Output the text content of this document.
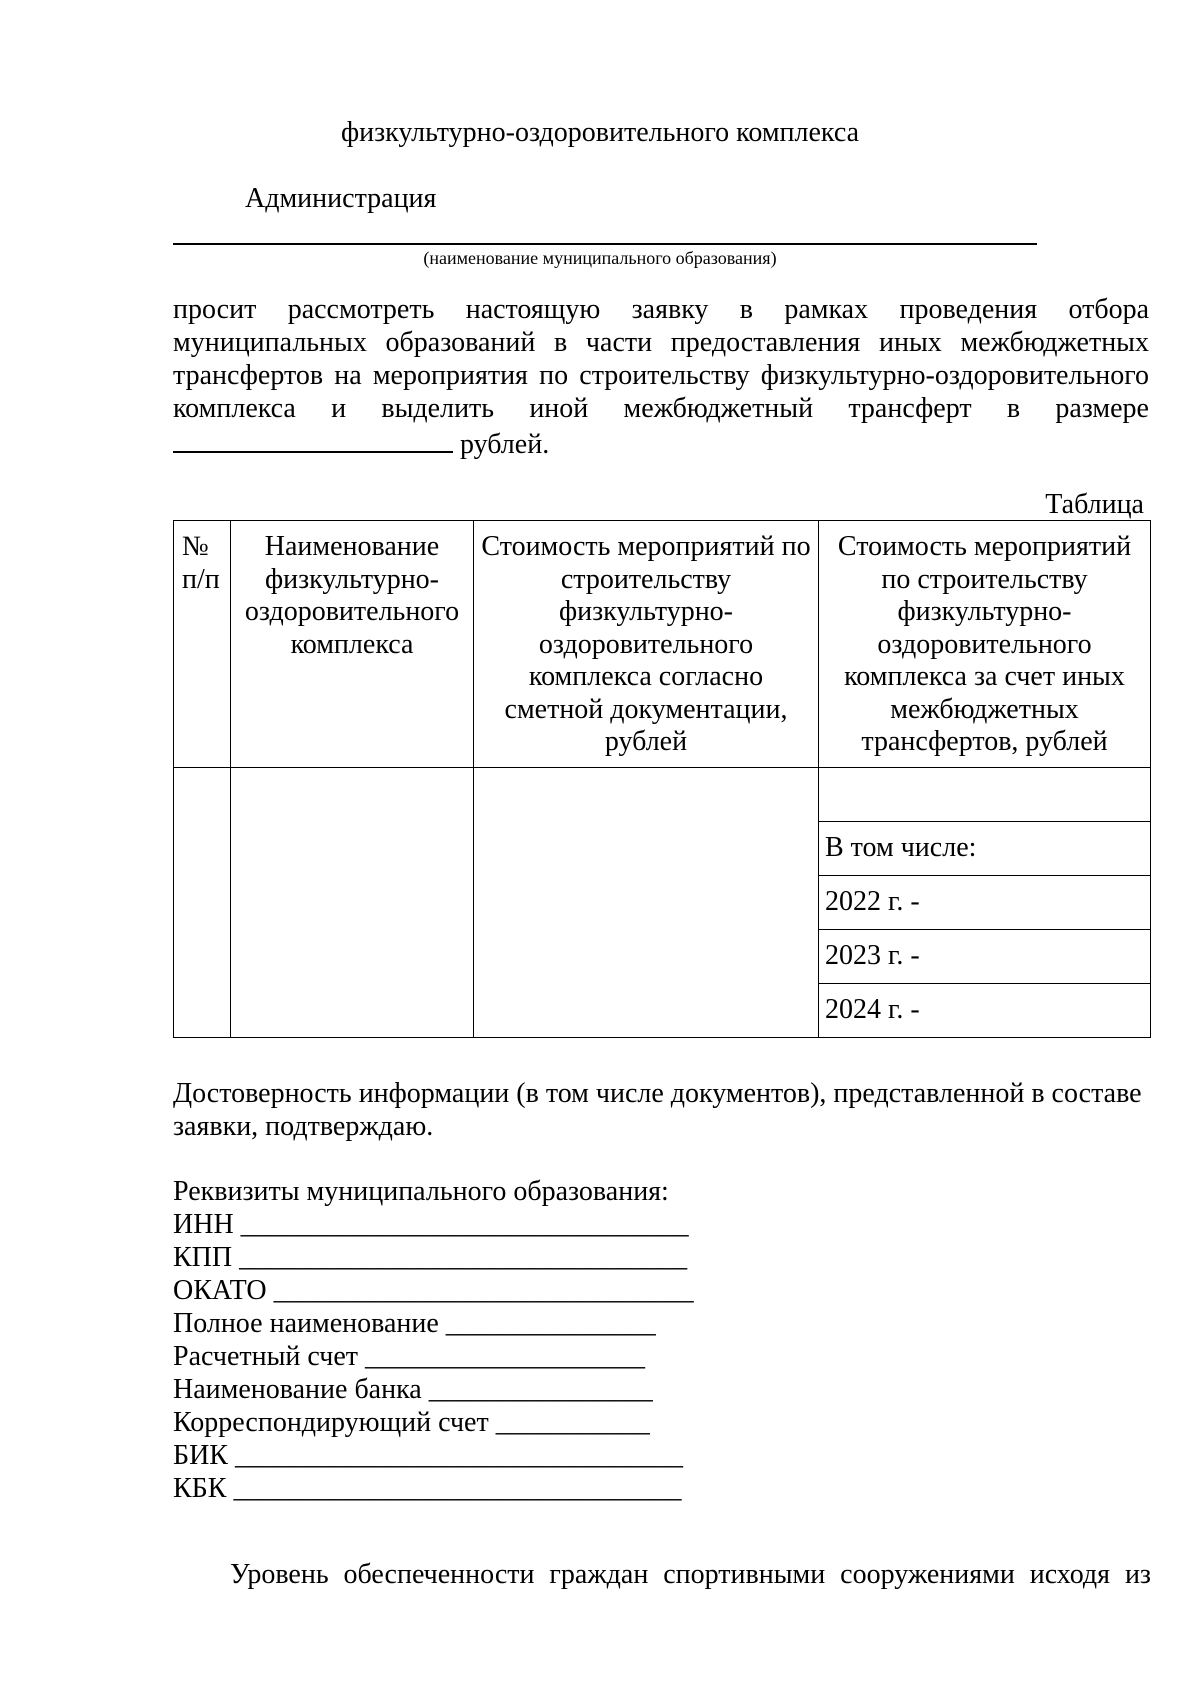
физкультурно-оздоровительного комплекса
Администрация
(наименование муниципального образования)
просит рассмотреть настоящую заявку в рамках проведения отбора
муниципальных образований в части предоставления иных межбюджетных
трансфертов на мероприятия по строительству физкультурно-оздоровительного
комплекса и выделить иной межбюджетный трансферт в размере
рублей.
Таблица
№ п/п	Наименование физкультурно-оздоровительного комплекса	Стоимость мероприятий по строительству физкультурно-оздоровительного комплекса согласно сметной документации, рублей	Стоимость мероприятий по строительству физкультурно-оздоровительного комплекса за счет иных межбюджетных трансфертов, рублей

			В том числе:
			2022 г. -
			2023 г. -
			2024 г. -
Достоверность информации (в том числе документов), представленной в составе заявки, подтверждаю.
Реквизиты муниципального образования:
ИНН ________________________________
КПП ________________________________
ОКАТО ______________________________
Полное наименование _______________
Расчетный счет ____________________
Наименование банка ________________
Корреспондирующий счет ___________
БИК ________________________________
КБК ________________________________
Уровень обеспеченности граждан спортивными сооружениями исходя из
